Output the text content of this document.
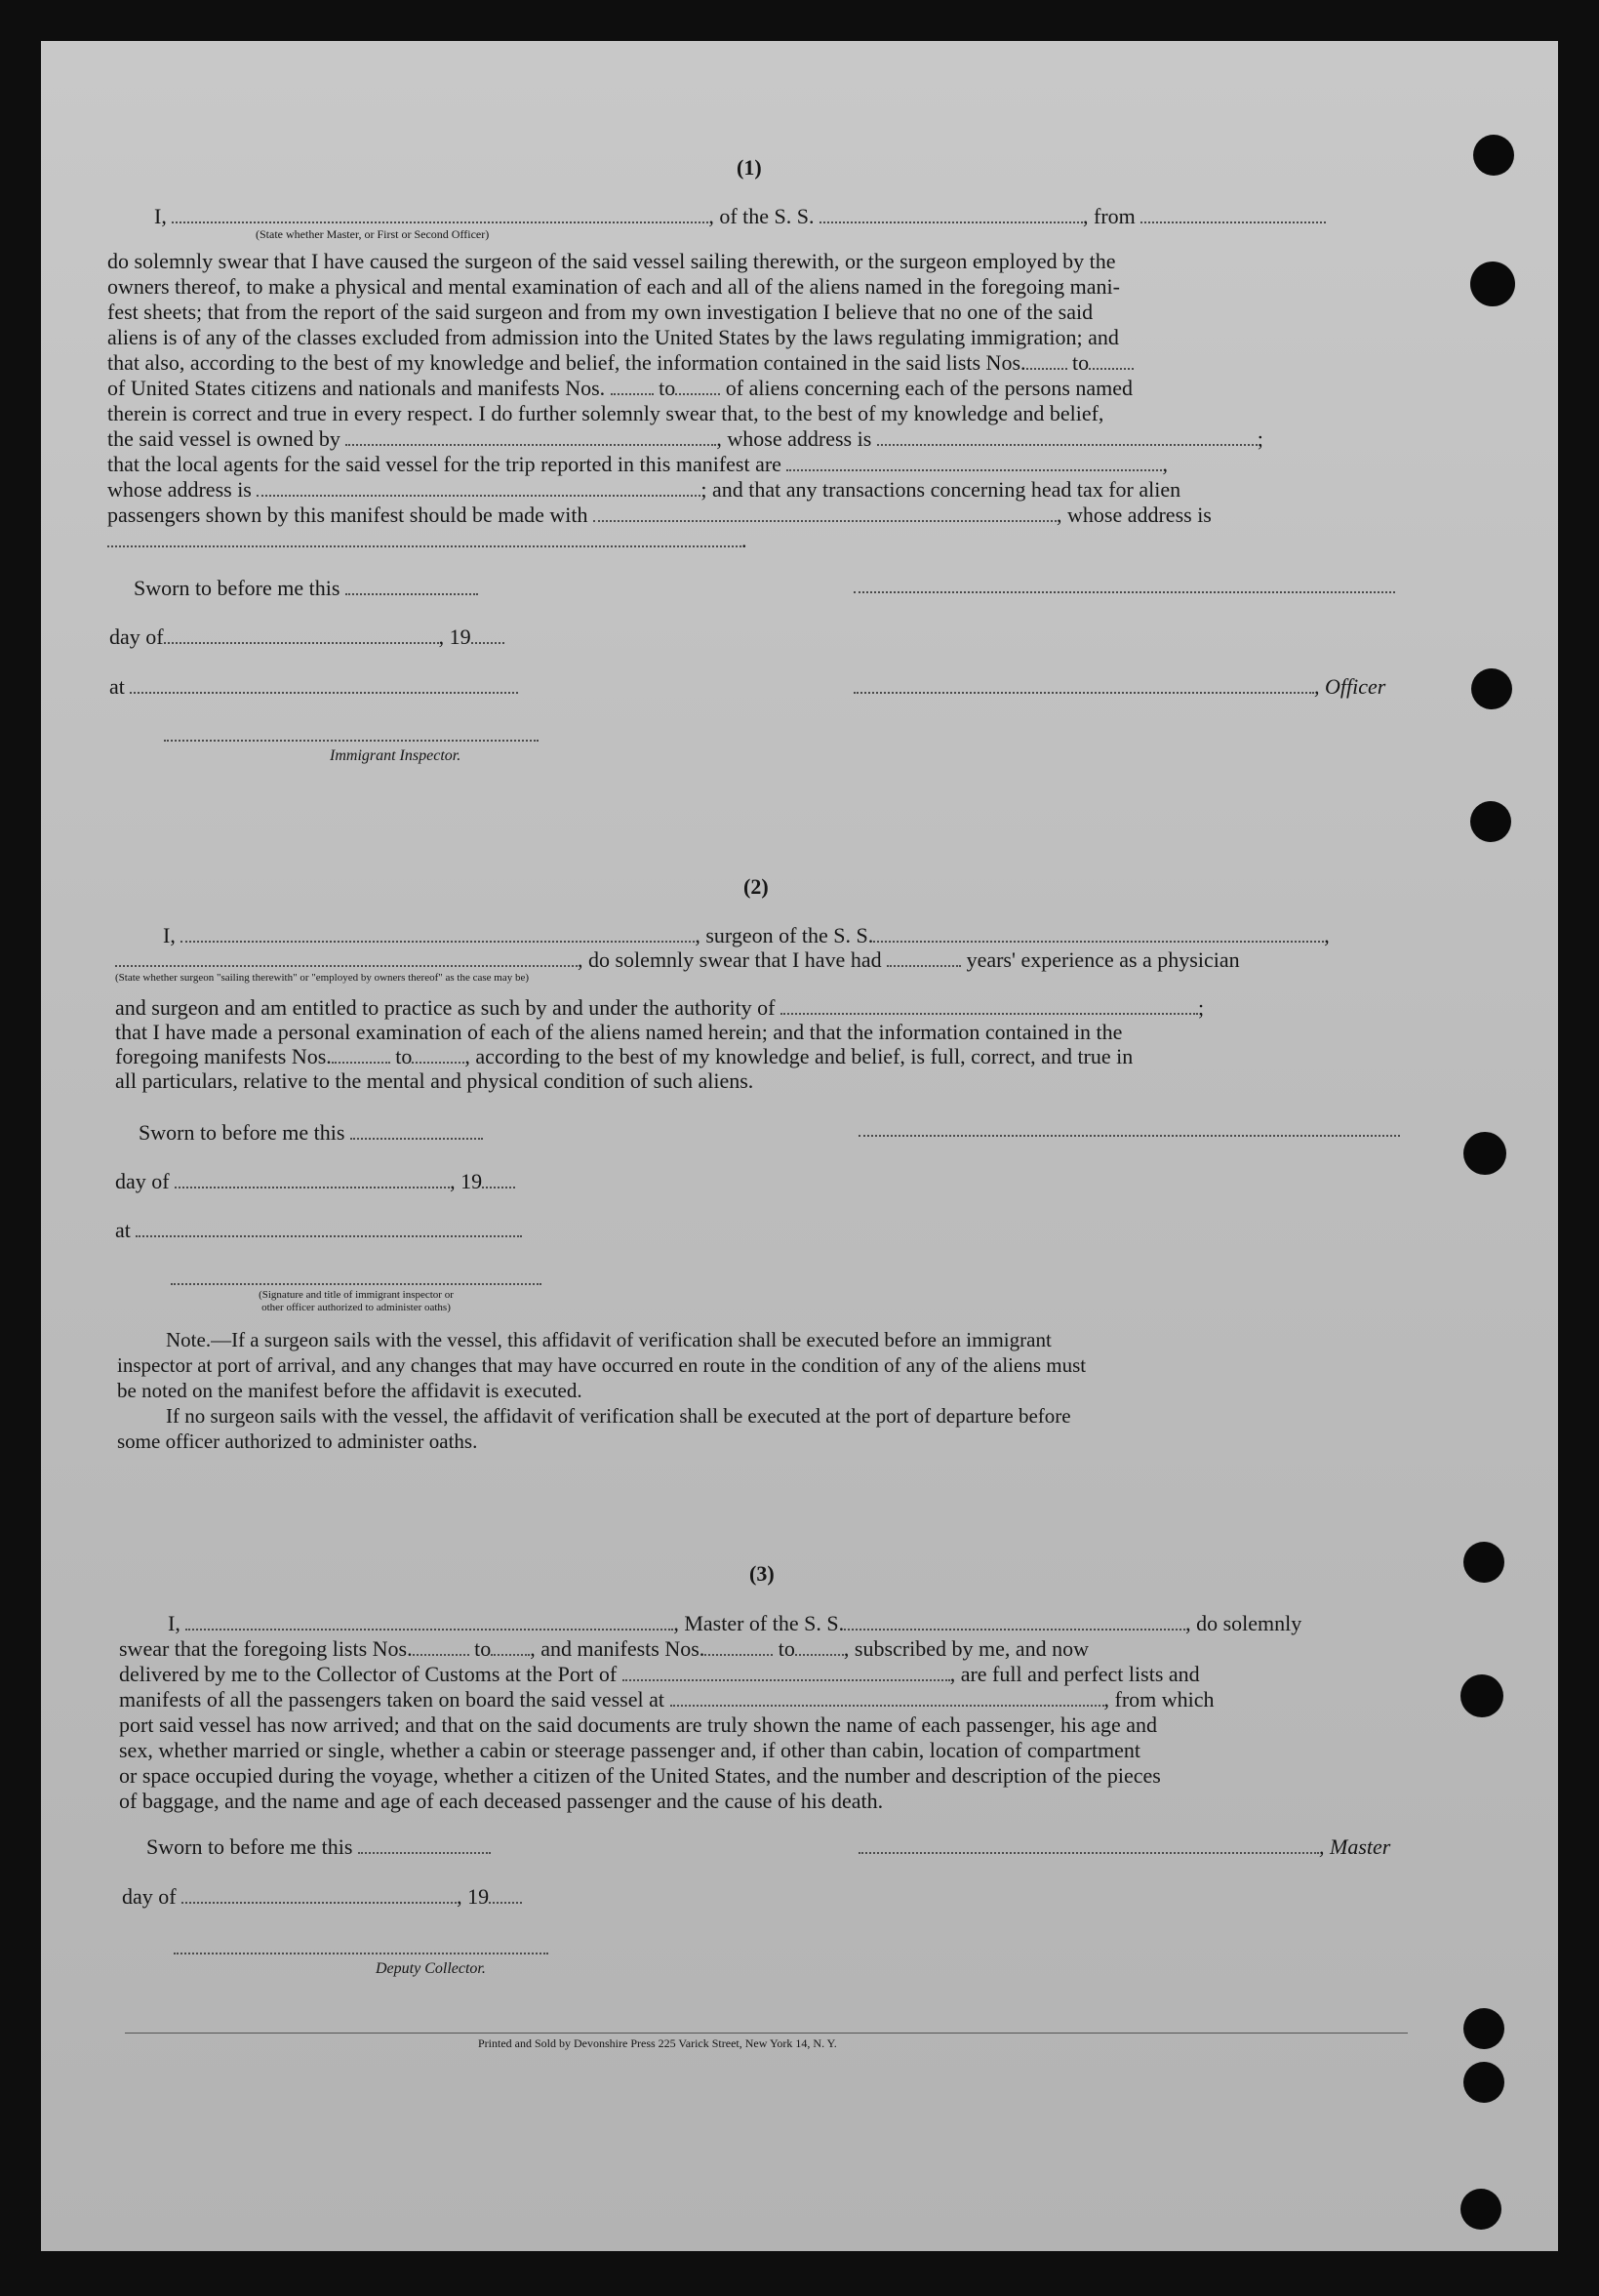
(1)
I,	, of the S. S.	, from
(State whether Master, or First or Second Officer)
do solemnly swear that I have caused the surgeon of the said vessel sailing therewith, or the surgeon employed by the
owners thereof, to make a physical and mental examination of each and all of the aliens named in the foregoing mani-
fest sheets; that from the report of the said surgeon and from my own investigation I believe that no one of the said
aliens is of any of the classes excluded from admission into the United States by the laws regulating immigration; and
that also, according to the best of my knowledge and belief, the information contained in the said lists Nos. to
of United States citizens and nationals and manifests Nos.	to of aliens concerning each of the persons named
therein is correct and true in every respect. I do further solemnly swear that, to the best of my knowledge and belief,
the said vessel is owned by	, whose address is	;
that the local agents for the said vessel for the trip reported in this manifest are	,
whose address is	; and that any transactions concerning head tax for alien
passengers shown by this manifest should be made with	, whose address is
.
Sworn to before me this
day of	, 19
at	, Officer
Immigrant Inspector.
(2)
I,	, surgeon of the S. S.	,
, do solemnly swear that I have had	years' experience as a physician
(State whether surgeon "sailing therewith" or "employed by owners thereof" as the case may be)
and surgeon and am entitled to practice as such by and under the authority of	;
that I have made a personal examination of each of the aliens named herein; and that the information contained in the
foregoing manifests Nos.	to , according to the best of my knowledge and belief, is full, correct, and true in
all particulars, relative to the mental and physical condition of such aliens.
Sworn to before me this
day of	, 19
at
(Signature and title of immigrant inspector or
other officer authorized to administer oaths)
Note.—If a surgeon sails with the vessel, this affidavit of verification shall be executed before an immigrant
inspector at port of arrival, and any changes that may have occurred en route in the condition of any of the aliens must
be noted on the manifest before the affidavit is executed.
If no surgeon sails with the vessel, the affidavit of verification shall be executed at the port of departure before
some officer authorized to administer oaths.
(3)
I,	, Master of the S. S.	, do solemnly
swear that the foregoing lists Nos.	to , and manifests Nos.	to , subscribed by me, and now
delivered by me to the Collector of Customs at the Port of	, are full and perfect lists and
manifests of all the passengers taken on board the said vessel at	, from which
port said vessel has now arrived; and that on the said documents are truly shown the name of each passenger, his age and
sex, whether married or single, whether a cabin or steerage passenger and, if other than cabin, location of compartment
or space occupied during the voyage, whether a citizen of the United States, and the number and description of the pieces
of baggage, and the name and age of each deceased passenger and the cause of his death.
Sworn to before me this	, Master
day of	, 19
Deputy Collector.
Printed and Sold by Devonshire Press 225 Varick Street, New York 14, N. Y.
